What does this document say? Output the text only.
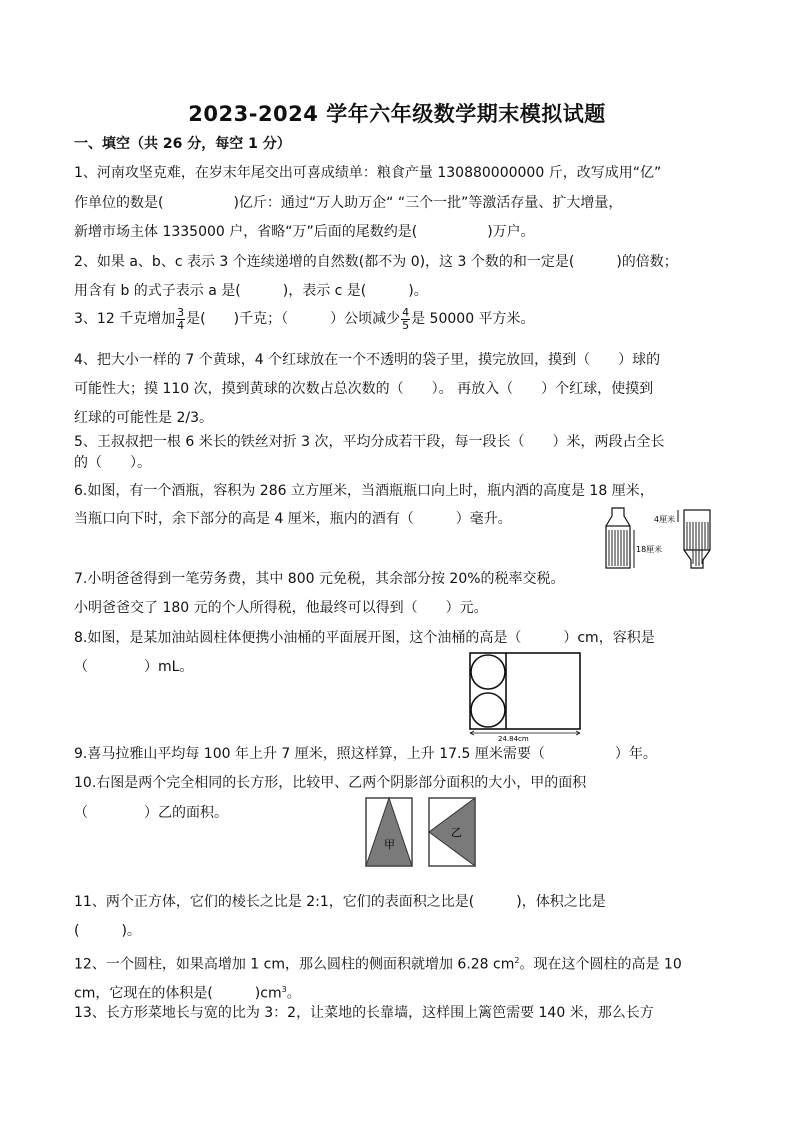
2023-2024 学年六年级数学期末模拟试题
一、填空（共 26 分，每空 1 分）
1、河南攻坚克难，在岁末年尾交出可喜成绩单：粮食产量 130880000000 斤，改写成用“亿”
作单位的数是(　　　　　)亿斤：通过“万人助万企“ “三个一批”等激活存量、扩大增量，
新增市场主体 1335000 户，省略“万”后面的尾数约是(　　　　　)万户。
2、如果 a、b、c 表示 3 个连续递增的自然数(都不为 0)，这 3 个数的和一定是(　　　)的倍数；
用含有 b 的式子表示 a 是(　　　)，表示 c 是(　　　)。
3、12 千克增加 $\frac{3}{4}$ 是(　　)千克；（　　　）公顷减少 $\frac{4}{5}$ 是 50000 平方米。
4、把大小一样的 7 个黄球，4 个红球放在一个不透明的袋子里，摸完放回，摸到（　　）球的
可能性大；摸 110 次，摸到黄球的次数占总次数的（　　）。 再放入（　　）个红球，使摸到
红球的可能性是 2/3。
5、王叔叔把一根 6 米长的铁丝对折 3 次，平均分成若干段，每一段长（　　）米，两段占全长
的（　　）。
6.如图，有一个酒瓶，容积为 286 立方厘米，当酒瓶瓶口向上时，瓶内酒的高度是 18 厘米，
当瓶口向下时，余下部分的高是 4 厘米，瓶内的酒有（　　　）毫升。
18厘米
4厘米
7.小明爸爸得到一笔劳务费，其中 800 元免税，其余部分按 20%的税率交税。
小明爸爸交了 180 元的个人所得税，他最终可以得到（　　）元。
8.如图，是某加油站圆柱体便携小油桶的平面展开图，这个油桶的高是（　　　）cm，容积是
（　　　　）mL。
24.84cm
9.喜马拉雅山平均每 100 年上升 7 厘米，照这样算，上升 17.5 厘米需要（　　　　　）年。
10.右图是两个完全相同的长方形，比较甲、乙两个阴影部分面积的大小，甲的面积
（　　　　）乙的面积。
甲
乙
11、两个正方体，它们的棱长之比是 2:1，它们的表面积之比是(　　　)，体积之比是
(　　　)。
12、一个圆柱，如果高增加 1 cm，那么圆柱的侧面积就增加 6.28 $cm^2$。现在这个圆柱的高是 10
cm，它现在的体积是(　　　)$cm^3$。
13、长方形菜地长与宽的比为 3：2，让菜地的长靠墙，这样围上篱笆需要 140 米，那么长方
